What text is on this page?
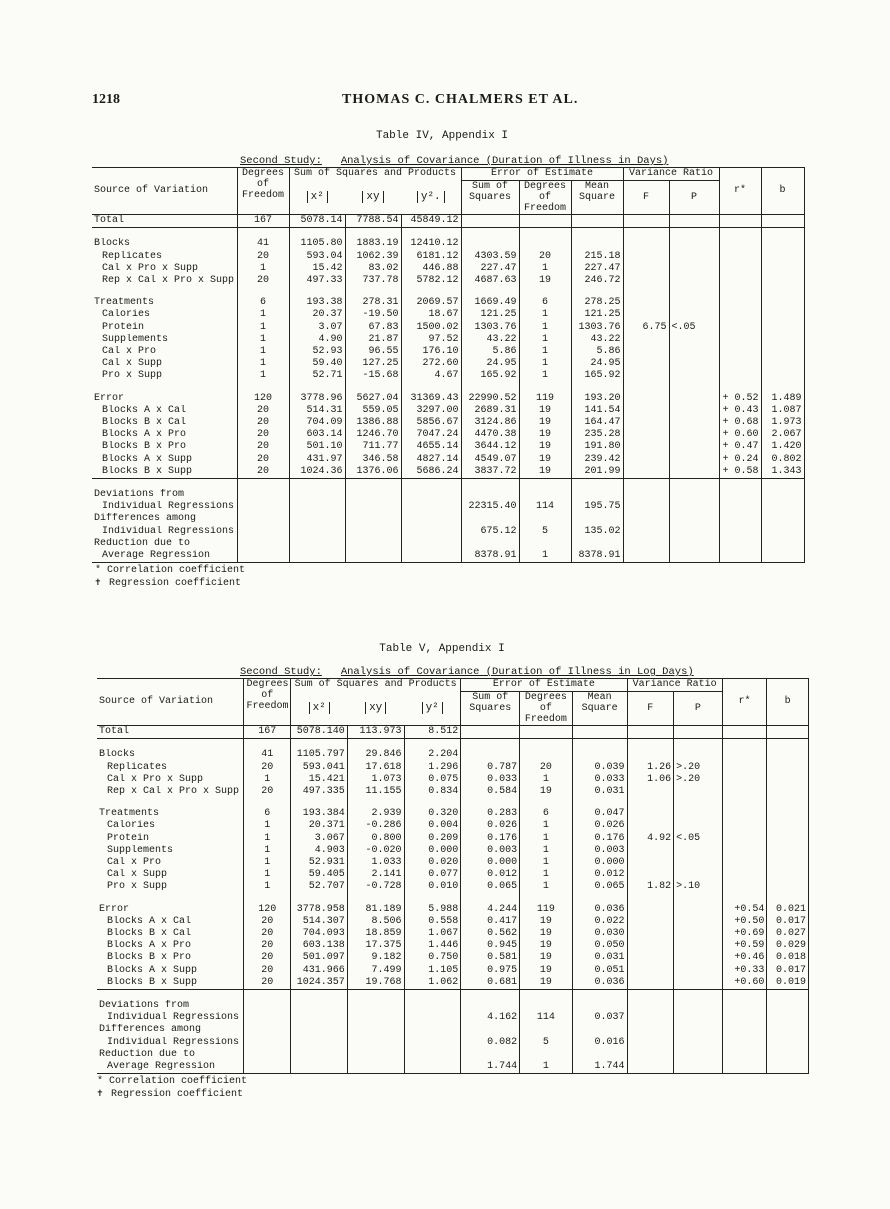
1218	THOMAS C. CHALMERS ET AL.
Table IV, Appendix I
Second Study: Analysis of Covariance (Duration of Illness in Days)
Source of Variation	Degrees of Freedom	Sum of Squares and Products			Error of Estimate			Variance Ratio		r*	b
		x²	xy	y².	Sum of Squares	Degrees of Freedom	Mean Square	F	P		

Total	167	5078.14	7788.54	45849.12							

Blocks	41	1105.80	1883.19	12410.12							
Replicates	20	593.04	1062.39	6181.12	4303.59	20	215.18				
Cal x Pro x Supp	1	15.42	83.02	446.88	227.47	1	227.47				
Rep x Cal x Pro x Supp	20	497.33	737.78	5782.12	4687.63	19	246.72				

Treatments	6	193.38	278.31	2069.57	1669.49	6	278.25				
Calories	1	20.37	-19.50	18.67	121.25	1	121.25				
Protein	1	3.07	67.83	1500.02	1303.76	1	1303.76	6.75	<.05		
Supplements	1	4.90	21.87	97.52	43.22	1	43.22				
Cal x Pro	1	52.93	96.55	176.10	5.86	1	5.86				
Cal x Supp	1	59.40	127.25	272.60	24.95	1	24.95				
Pro x Supp	1	52.71	-15.68	4.67	165.92	1	165.92				

Error	120	3778.96	5627.04	31369.43	22990.52	119	193.20			+ 0.52	1.489
Blocks A x Cal	20	514.31	559.05	3297.00	2689.31	19	141.54			+ 0.43	1.087
Blocks B x Cal	20	704.09	1386.88	5856.67	3124.86	19	164.47			+ 0.68	1.973
Blocks A x Pro	20	603.14	1246.70	7047.24	4470.38	19	235.28			+ 0.60	2.067
Blocks B x Pro	20	501.10	711.77	4655.14	3644.12	19	191.80			+ 0.47	1.420
Blocks A x Supp	20	431.97	346.58	4827.14	4549.07	19	239.42			+ 0.24	0.802
Blocks B x Supp	20	1024.36	1376.06	5686.24	3837.72	19	201.99			+ 0.58	1.343

Deviations from											
Individual Regressions					22315.40	114	195.75				
Differences among											
Individual Regressions					675.12	5	135.02				
Reduction due to											
Average Regression					8378.91	1	8378.91				
Table V, Appendix I
Second Study: Analysis of Covariance (Duration of Illness in Log Days)
Source of Variation	Degrees of Freedom	Sum of Squares and Products			Error of Estimate			Variance Ratio		r*	b
		x²	xy	y²	Sum of Squares	Degrees of Freedom	Mean Square	F	P		

Total	167	5078.140	113.973	8.512							

Blocks	41	1105.797	29.846	2.204							
Replicates	20	593.041	17.618	1.296	0.787	20	0.039	1.26	>.20		
Cal x Pro x Supp	1	15.421	1.073	0.075	0.033	1	0.033	1.06	>.20		
Rep x Cal x Pro x Supp	20	497.335	11.155	0.834	0.584	19	0.031				

Treatments	6	193.384	2.939	0.320	0.283	6	0.047				
Calories	1	20.371	-0.286	0.004	0.026	1	0.026				
Protein	1	3.067	0.800	0.209	0.176	1	0.176	4.92	<.05		
Supplements	1	4.903	-0.020	0.000	0.003	1	0.003				
Cal x Pro	1	52.931	1.033	0.020	0.000	1	0.000				
Cal x Supp	1	59.405	2.141	0.077	0.012	1	0.012				
Pro x Supp	1	52.707	-0.728	0.010	0.065	1	0.065	1.82	>.10		

Error	120	3778.958	81.189	5.988	4.244	119	0.036			+0.54	0.021
Blocks A x Cal	20	514.307	8.506	0.558	0.417	19	0.022			+0.50	0.017
Blocks B x Cal	20	704.093	18.859	1.067	0.562	19	0.030			+0.69	0.027
Blocks A x Pro	20	603.138	17.375	1.446	0.945	19	0.050			+0.59	0.029
Blocks B x Pro	20	501.097	9.182	0.750	0.581	19	0.031			+0.46	0.018
Blocks A x Supp	20	431.966	7.499	1.105	0.975	19	0.051			+0.33	0.017
Blocks B x Supp	20	1024.357	19.768	1.062	0.681	19	0.036			+0.60	0.019

Deviations from											
Individual Regressions					4.162	114	0.037				
Differences among											
Individual Regressions					0.082	5	0.016				
Reduction due to											
Average Regression					1.744	1	1.744				
* Correlation coefficient
✝ Regression coefficient
* Correlation coefficient
✝ Regression coefficient
